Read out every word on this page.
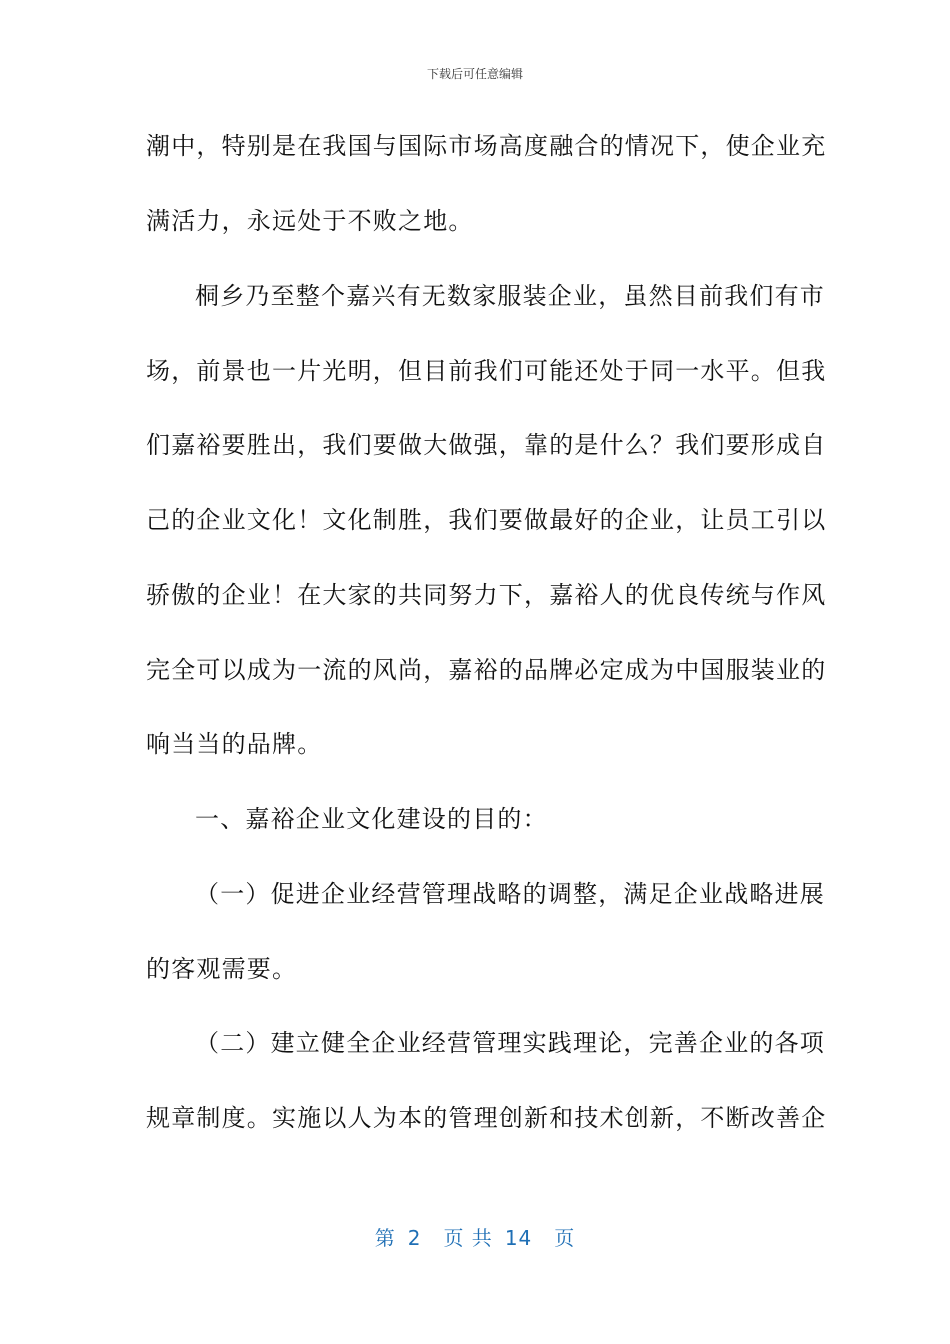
下载后可任意编辑
潮中，特别是在我国与国际市场高度融合的情况下，使企业充
满活力，永远处于不败之地。
桐乡乃至整个嘉兴有无数家服装企业，虽然目前我们有市
场，前景也一片光明，但目前我们可能还处于同一水平。但我
们嘉裕要胜出，我们要做大做强，靠的是什么？我们要形成自
己的企业文化！文化制胜，我们要做最好的企业，让员工引以
骄傲的企业！在大家的共同努力下，嘉裕人的优良传统与作风
完全可以成为一流的风尚，嘉裕的品牌必定成为中国服装业的
响当当的品牌。
一、嘉裕企业文化建设的目的：
（一）促进企业经营管理战略的调整，满足企业战略进展
的客观需要。
（二）建立健全企业经营管理实践理论，完善企业的各项
规章制度。实施以人为本的管理创新和技术创新，不断改善企
第 2 页 共 14 页
